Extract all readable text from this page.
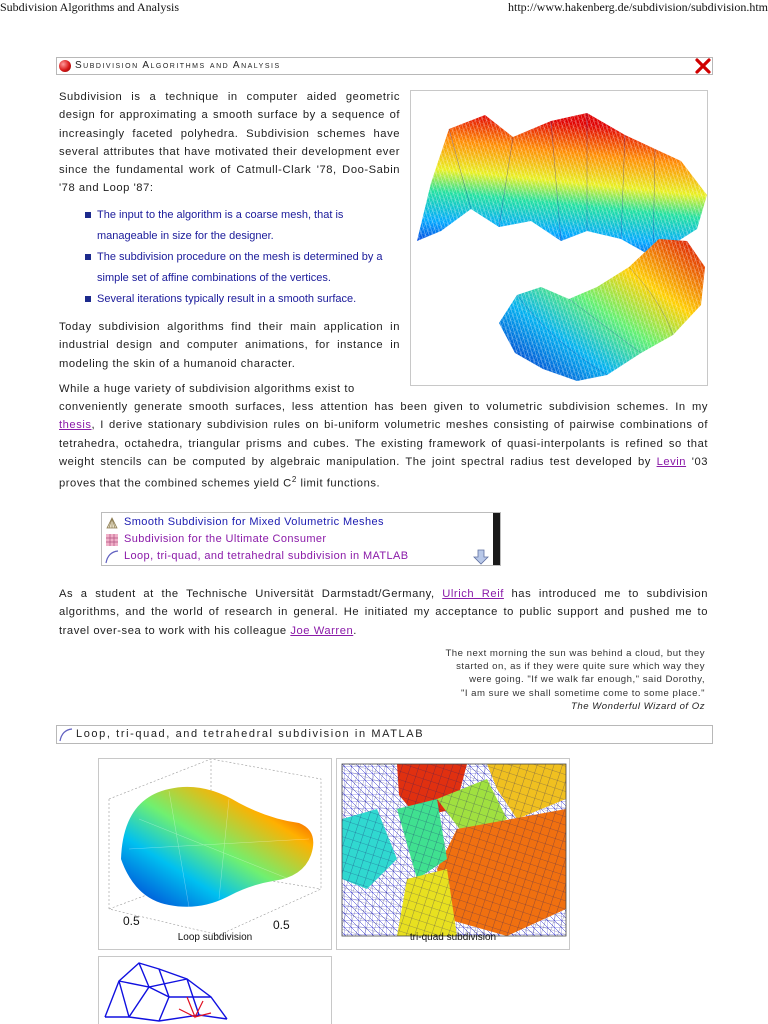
Subdivision Algorithms and Analysis	http://www.hakenberg.de/subdivision/subdivision.htm
Subdivision Algorithms and Analysis
Subdivision is a technique in computer aided geometric design for approximating a smooth surface by a sequence of increasingly faceted polyhedra. Subdivision schemes have several attributes that have motivated their development ever since the fundamental work of Catmull-Clark '78, Doo-Sabin '78 and Loop '87:
The input to the algorithm is a coarse mesh, that is manageable in size for the designer.
The subdivision procedure on the mesh is determined by a simple set of affine combinations of the vertices.
Several iterations typically result in a smooth surface.
Today subdivision algorithms find their main application in industrial design and computer animations, for instance in modeling the skin of a humanoid character.
While a huge variety of subdivision algorithms exist to
conveniently generate smooth surfaces, less attention has been given to volumetric subdivision schemes. In my thesis, I derive stationary subdivision rules on bi-uniform volumetric meshes consisting of pairwise combinations of tetrahedra, octahedra, triangular prisms and cubes. The existing framework of quasi-interpolants is refined so that weight stencils can be computed by algebraic manipulation. The joint spectral radius test developed by Levin '03 proves that the combined schemes yield $C^2$ limit functions.
Smooth Subdivision for Mixed Volumetric Meshes
Subdivision for the Ultimate Consumer
Loop, tri-quad, and tetrahedral subdivision in MATLAB
As a student at the Technische Universität Darmstadt/Germany, Ulrich Reif has introduced me to subdivision algorithms, and the world of research in general. He initiated my acceptance to public support and pushed me to travel over-sea to work with his colleague Joe Warren.
The next morning the sun was behind a cloud, but they
started on, as if they were quite sure which way they
were going. "If we walk far enough," said Dorothy,
"I am sure we shall sometime come to some place."
The Wonderful Wizard of Oz
Loop, tri-quad, and tetrahedral subdivision in MATLAB
0.5	0.5
Loop subdivision	tri-quad subdivision
